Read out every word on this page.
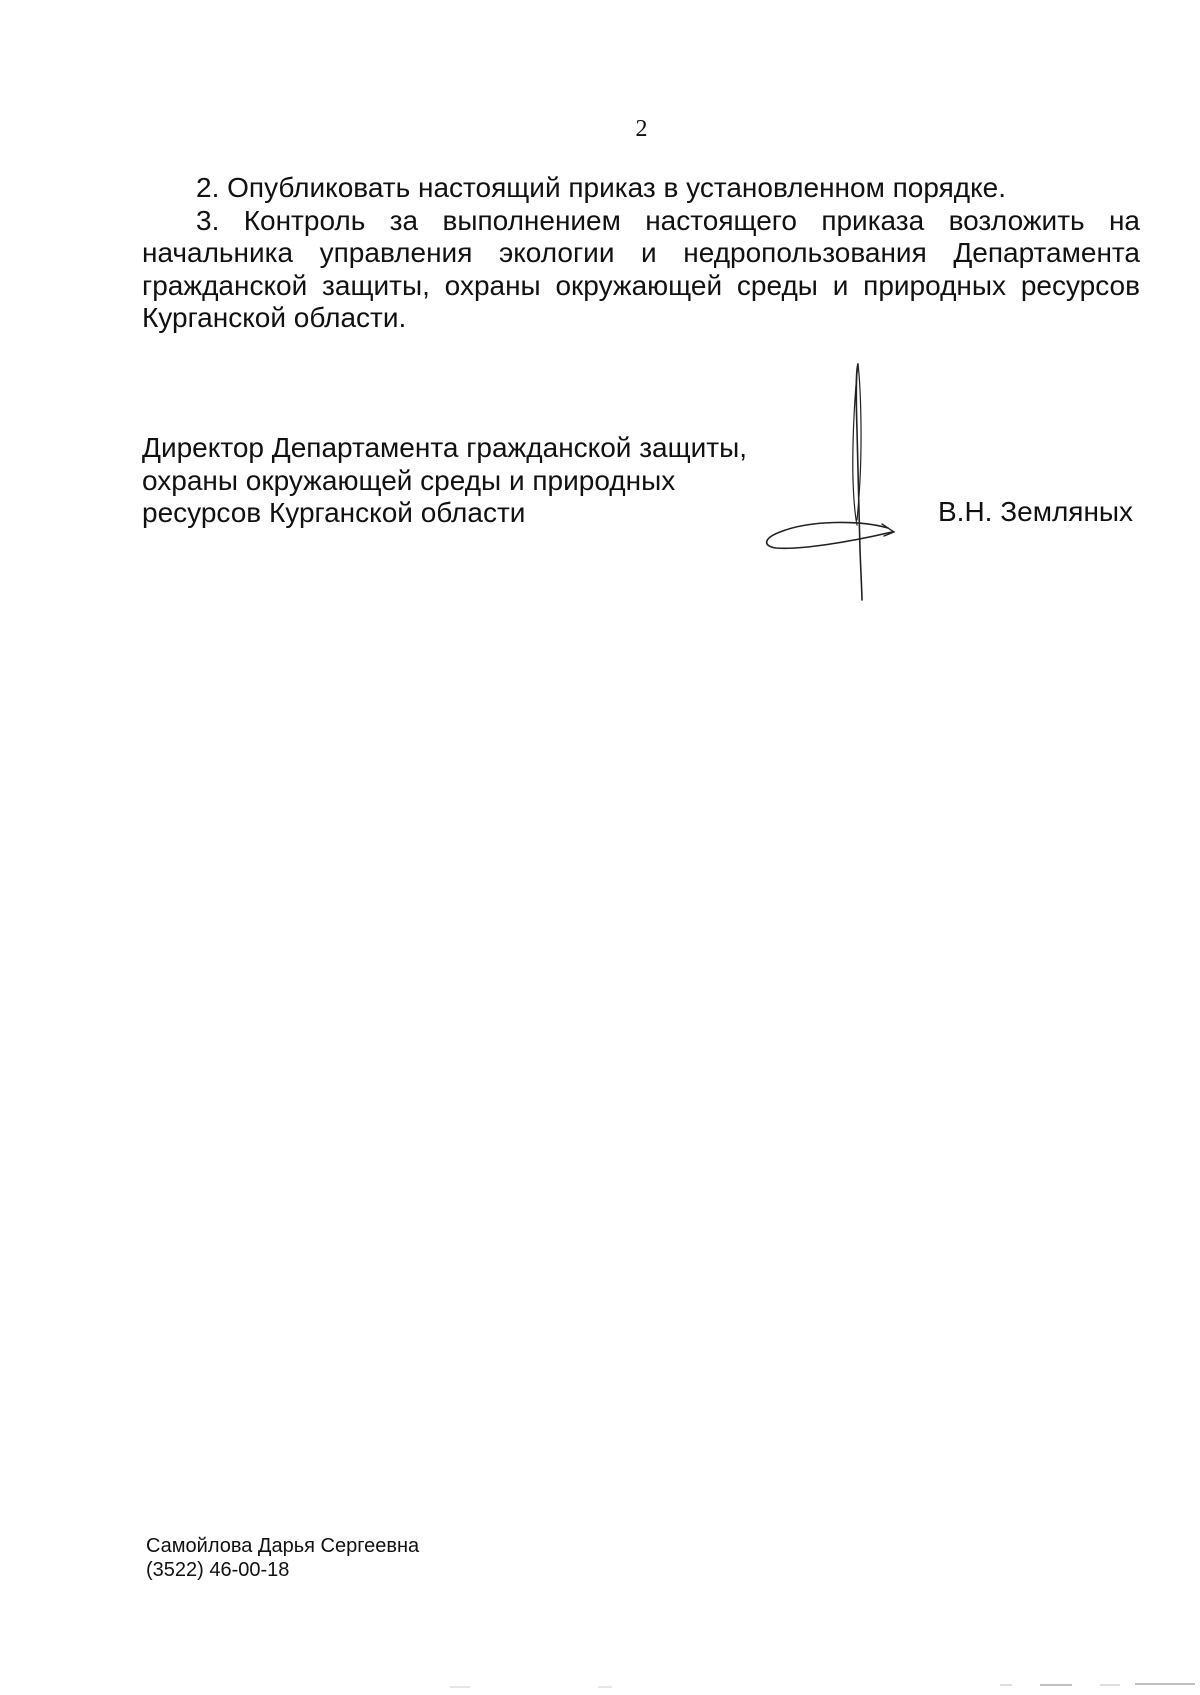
2

2. Опубликовать настоящий приказ в установленном порядке.

3. Контроль за выполнением настоящего приказа возложить на начальника управления экологии и недропользования Департамента гражданской защиты, охраны окружающей среды и природных ресурсов Курганской области.

Директор Департамента гражданской защиты,
охраны окружающей среды и природных
ресурсов Курганской области	В.Н. Земляных
Самойлова Дарья Сергеевна
(3522) 46-00-18
